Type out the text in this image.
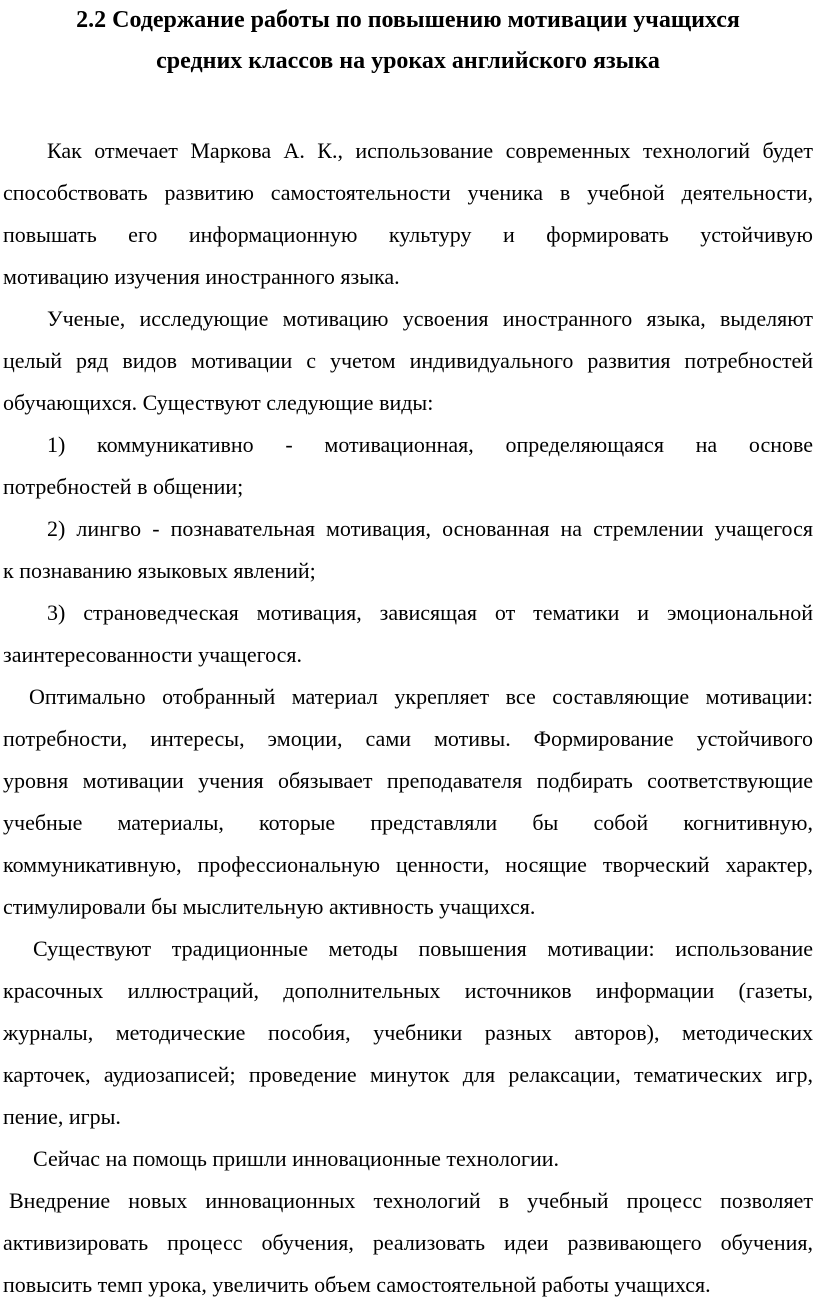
2.2 Содержание работы по повышению мотивации учащихся
средних классов на уроках английского языка

Как отмечает Маркова А. К., использование современных технологий будет
способствовать развитию самостоятельности ученика в учебной деятельности,
повышать его информационную культуру и формировать устойчивую
мотивацию изучения иностранного языка.

Ученые, исследующие мотивацию усвоения иностранного языка, выделяют
целый ряд видов мотивации с учетом индивидуального развития потребностей
обучающихся. Существуют следующие виды:

1) коммуникативно - мотивационная, определяющаяся на основе
потребностей в общении;

2) лингво - познавательная мотивация, основанная на стремлении учащегося
к познаванию языковых явлений;

3) страноведческая мотивация, зависящая от тематики и эмоциональной
заинтересованности учащегося.

Оптимально отобранный материал укрепляет все составляющие мотивации:
потребности, интересы, эмоции, сами мотивы. Формирование устойчивого
уровня мотивации учения обязывает преподавателя подбирать соответствующие
учебные материалы, которые представляли бы собой когнитивную,
коммуникативную, профессиональную ценности, носящие творческий характер,
стимулировали бы мыслительную активность учащихся.

Существуют традиционные методы повышения мотивации: использование
красочных иллюстраций, дополнительных источников информации (газеты,
журналы, методические пособия, учебники разных авторов), методических
карточек, аудиозаписей; проведение минуток для релаксации, тематических игр,
пение, игры.

Сейчас на помощь пришли инновационные технологии.

Внедрение новых инновационных технологий в учебный процесс позволяет
активизировать процесс обучения, реализовать идеи развивающего обучения,
повысить темп урока, увеличить объем самостоятельной работы учащихся.
